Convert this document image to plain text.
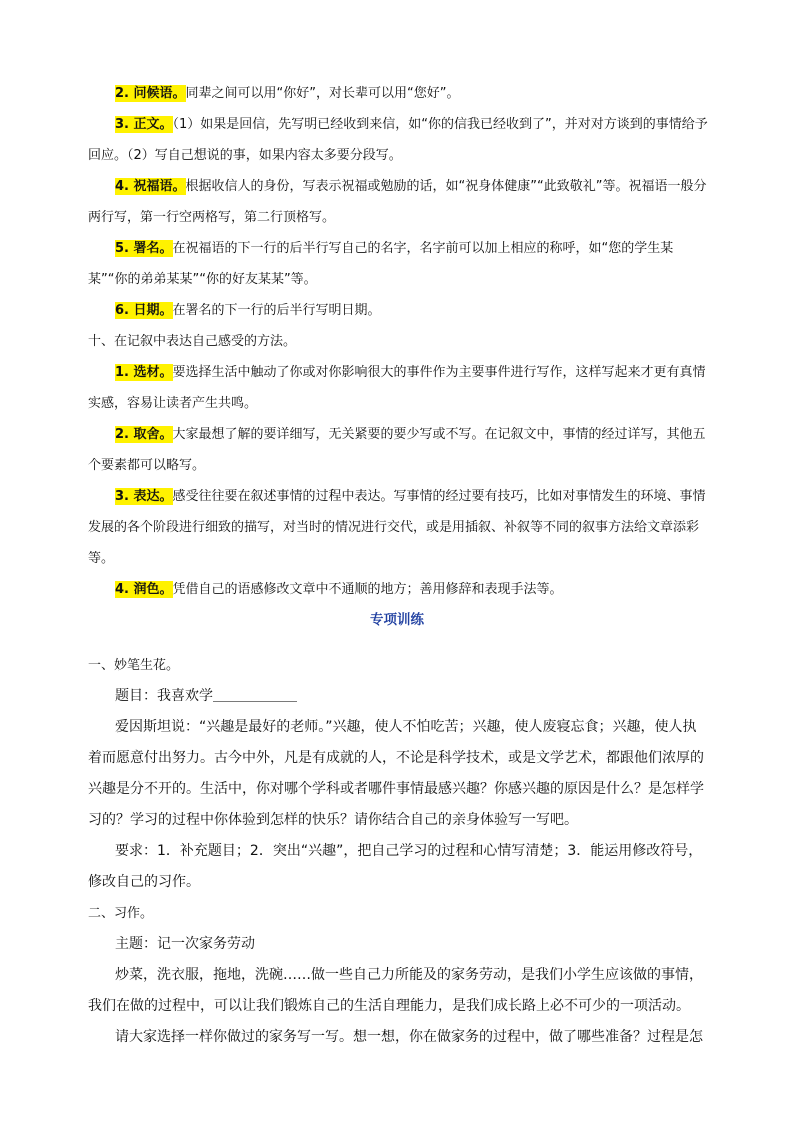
2. 问候语。同辈之间可以用“你好”，对长辈可以用“您好”。

3. 正文。（1）如果是回信，先写明已经收到来信，如“你的信我已经收到了”，并对对方谈到的事情给予回应。（2）写自己想说的事，如果内容太多要分段写。

4. 祝福语。根据收信人的身份，写表示祝福或勉励的话，如“祝身体健康”“此致敬礼”等。祝福语一般分两行写，第一行空两格写，第二行顶格写。

5. 署名。在祝福语的下一行的后半行写自己的名字，名字前可以加上相应的称呼，如“您的学生某某”“你的弟弟某某”“你的好友某某”等。

6. 日期。在署名的下一行的后半行写明日期。

十、在记叙中表达自己感受的方法。

1. 选材。要选择生活中触动了你或对你影响很大的事件作为主要事件进行写作，这样写起来才更有真情实感，容易让读者产生共鸣。

2. 取舍。大家最想了解的要详细写，无关紧要的要少写或不写。在记叙文中，事情的经过详写，其他五个要素都可以略写。

3. 表达。感受往往要在叙述事情的过程中表达。写事情的经过要有技巧，比如对事情发生的环境、事情发展的各个阶段进行细致的描写，对当时的情况进行交代，或是用插叙、补叙等不同的叙事方法给文章添彩等。

4. 润色。凭借自己的语感修改文章中不通顺的地方；善用修辞和表现手法等。

专项训练

一、妙笔生花。

题目：我喜欢学＿＿＿＿＿＿

爱因斯坦说：“兴趣是最好的老师。”兴趣，使人不怕吃苦；兴趣，使人废寝忘食；兴趣，使人执着而愿意付出努力。古今中外，凡是有成就的人，不论是科学技术，或是文学艺术，都跟他们浓厚的兴趣是分不开的。生活中，你对哪个学科或者哪件事情最感兴趣？你感兴趣的原因是什么？是怎样学习的？学习的过程中你体验到怎样的快乐？请你结合自己的亲身体验写一写吧。

要求：1．补充题目；2．突出“兴趣”，把自己学习的过程和心情写清楚；3．能运用修改符号，修改自己的习作。

二、习作。

主题：记一次家务劳动

炒菜，洗衣服，拖地，洗碗……做一些自己力所能及的家务劳动，是我们小学生应该做的事情，我们在做的过程中，可以让我们锻炼自己的生活自理能力，是我们成长路上必不可少的一项活动。

请大家选择一样你做过的家务写一写。想一想，你在做家务的过程中，做了哪些准备？过程是怎
